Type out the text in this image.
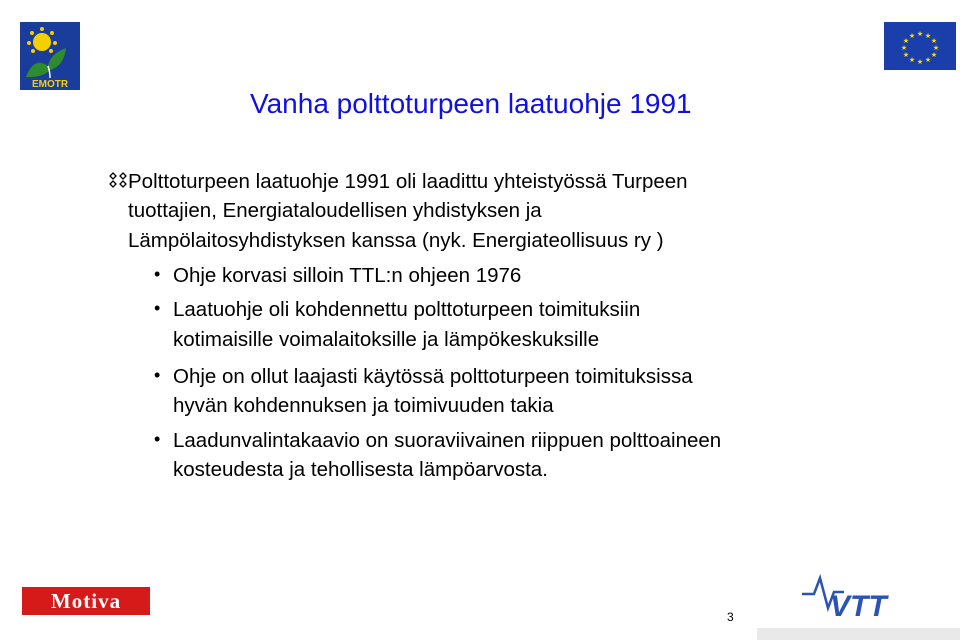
EMOTR
★ ★
★
★
★
★
★
★
★
★
★
★
Vanha polttoturpeen laatuohje 1991
Polttoturpeen laatuohje 1991 oli laadittu yhteistyössä Turpeen
tuottajien, Energiataloudellisen yhdistyksen ja
Lämpölaitosyhdistyksen kanssa (nyk. Energiateollisuus ry )
• Ohje korvasi silloin TTL:n ohjeen 1976
• Laatuohje oli kohdennettu polttoturpeen toimituksiin
kotimaisille voimalaitoksille ja lämpökeskuksille
• Ohje on ollut laajasti käytössä polttoturpeen toimituksissa
hyvän kohdennuksen ja toimivuuden takia
• Laadunvalintakaavio on suoraviivainen riippuen polttoaineen
kosteudesta ja tehollisesta lämpöarvosta.
Motiva
3	VTT
